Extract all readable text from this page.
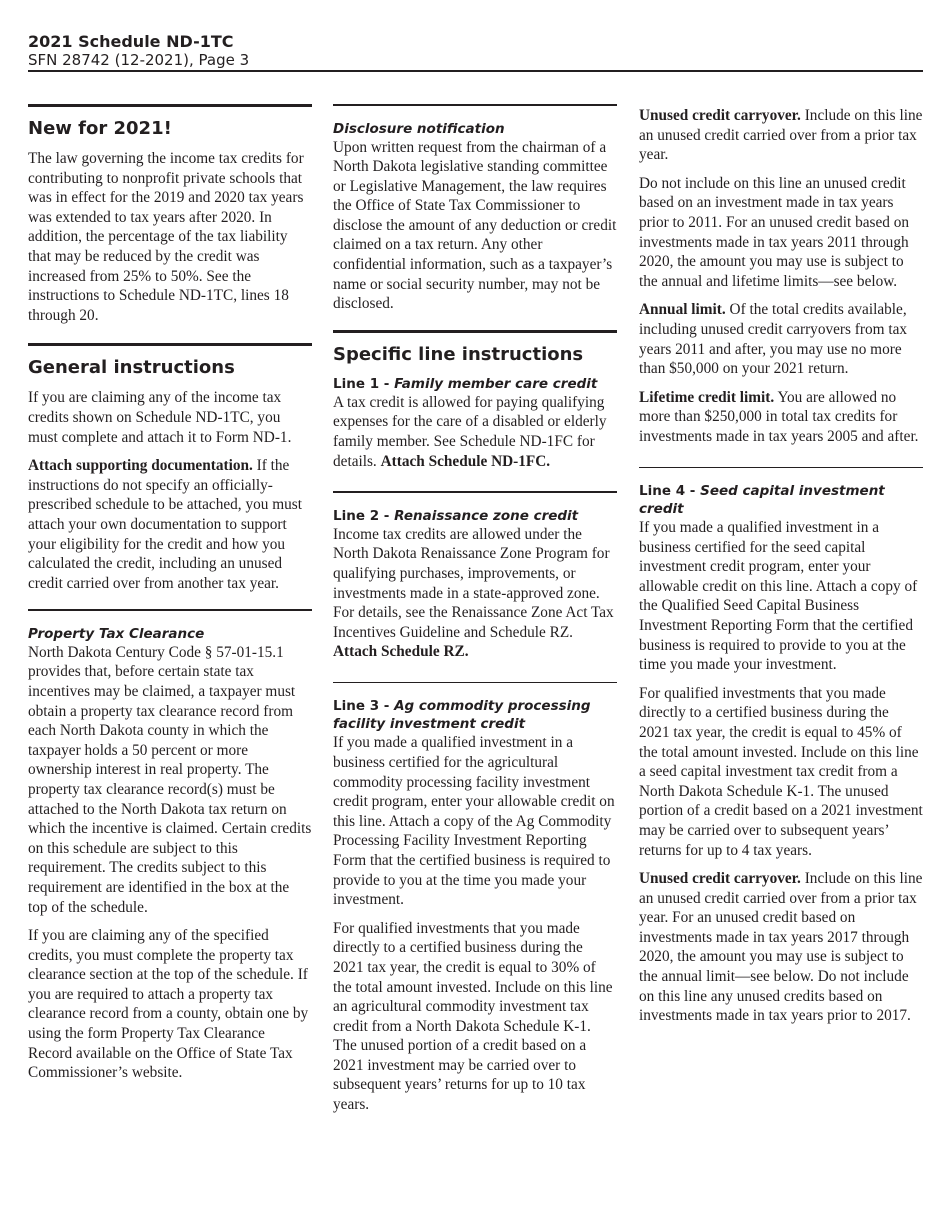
2021 Schedule ND-1TC
SFN 28742 (12-2021), Page 3
New for 2021!

The law governing the income tax credits for contributing to nonprofit private schools that was in effect for the 2019 and 2020 tax years was extended to tax years after 2020. In addition, the percentage of the tax liability that may be reduced by the credit was increased from 25% to 50%. See the instructions to Schedule ND-1TC, lines 18 through 20.

General instructions

If you are claiming any of the income tax credits shown on Schedule ND-1TC, you must complete and attach it to Form ND-1.

Attach supporting documentation. If the instructions do not specify an officially-prescribed schedule to be attached, you must attach your own documentation to support your eligibility for the credit and how you calculated the credit, including an unused credit carried over from another tax year.

Property Tax Clearance

North Dakota Century Code § 57-01-15.1 provides that, before certain state tax incentives may be claimed, a taxpayer must obtain a property tax clearance record from each North Dakota county in which the taxpayer holds a 50 percent or more ownership interest in real property. The property tax clearance record(s) must be attached to the North Dakota tax return on which the incentive is claimed. Certain credits on this schedule are subject to this requirement. The credits subject to this requirement are identified in the box at the top of the schedule.

If you are claiming any of the specified credits, you must complete the property tax clearance section at the top of the schedule. If you are required to attach a property tax clearance record from a county, obtain one by using the form Property Tax Clearance Record available on the Office of State Tax Commissioner’s website.

Disclosure notification

Upon written request from the chairman of a North Dakota legislative standing committee or Legislative Management, the law requires the Office of State Tax Commissioner to disclose the amount of any deduction or credit claimed on a tax return. Any other confidential information, such as a taxpayer’s name or social security number, may not be disclosed.

Specific line instructions
Line 1 - Family member care credit

A tax credit is allowed for paying qualifying expenses for the care of a disabled or elderly family member. See Schedule ND-1FC for details. Attach Schedule ND-1FC.

Line 2 - Renaissance zone credit

Income tax credits are allowed under the North Dakota Renaissance Zone Program for qualifying purchases, improvements, or investments made in a state-approved zone. For details, see the Renaissance Zone Act Tax Incentives Guideline and Schedule RZ. Attach Schedule RZ.

Line 3 - Ag commodity processing facility investment credit

If you made a qualified investment in a business certified for the agricultural commodity processing facility investment credit program, enter your allowable credit on this line. Attach a copy of the Ag Commodity Processing Facility Investment Reporting Form that the certified business is required to provide to you at the time you made your investment.

For qualified investments that you made directly to a certified business during the 2021 tax year, the credit is equal to 30% of the total amount invested. Include on this line an agricultural commodity investment tax credit from a North Dakota Schedule K-1. The unused portion of a credit based on a 2021 investment may be carried over to subsequent years’ returns for up to 10 tax years.

Unused credit carryover. Include on this line an unused credit carried over from a prior tax year.

Do not include on this line an unused credit based on an investment made in tax years prior to 2011. For an unused credit based on investments made in tax years 2011 through 2020, the amount you may use is subject to the annual and lifetime limits—see below.

Annual limit. Of the total credits available, including unused credit carryovers from tax years 2011 and after, you may use no more than $50,000 on your 2021 return.

Lifetime credit limit. You are allowed no more than $250,000 in total tax credits for investments made in tax years 2005 and after.

Line 4 - Seed capital investment credit

If you made a qualified investment in a business certified for the seed capital investment credit program, enter your allowable credit on this line. Attach a copy of the Qualified Seed Capital Business Investment Reporting Form that the certified business is required to provide to you at the time you made your investment.

For qualified investments that you made directly to a certified business during the 2021 tax year, the credit is equal to 45% of the total amount invested. Include on this line a seed capital investment tax credit from a North Dakota Schedule K-1. The unused portion of a credit based on a 2021 investment may be carried over to subsequent years’ returns for up to 4 tax years.

Unused credit carryover. Include on this line an unused credit carried over from a prior tax year. For an unused credit based on investments made in tax years 2017 through 2020, the amount you may use is subject to the annual limit—see below. Do not include on this line any unused credits based on investments made in tax years prior to 2017.
